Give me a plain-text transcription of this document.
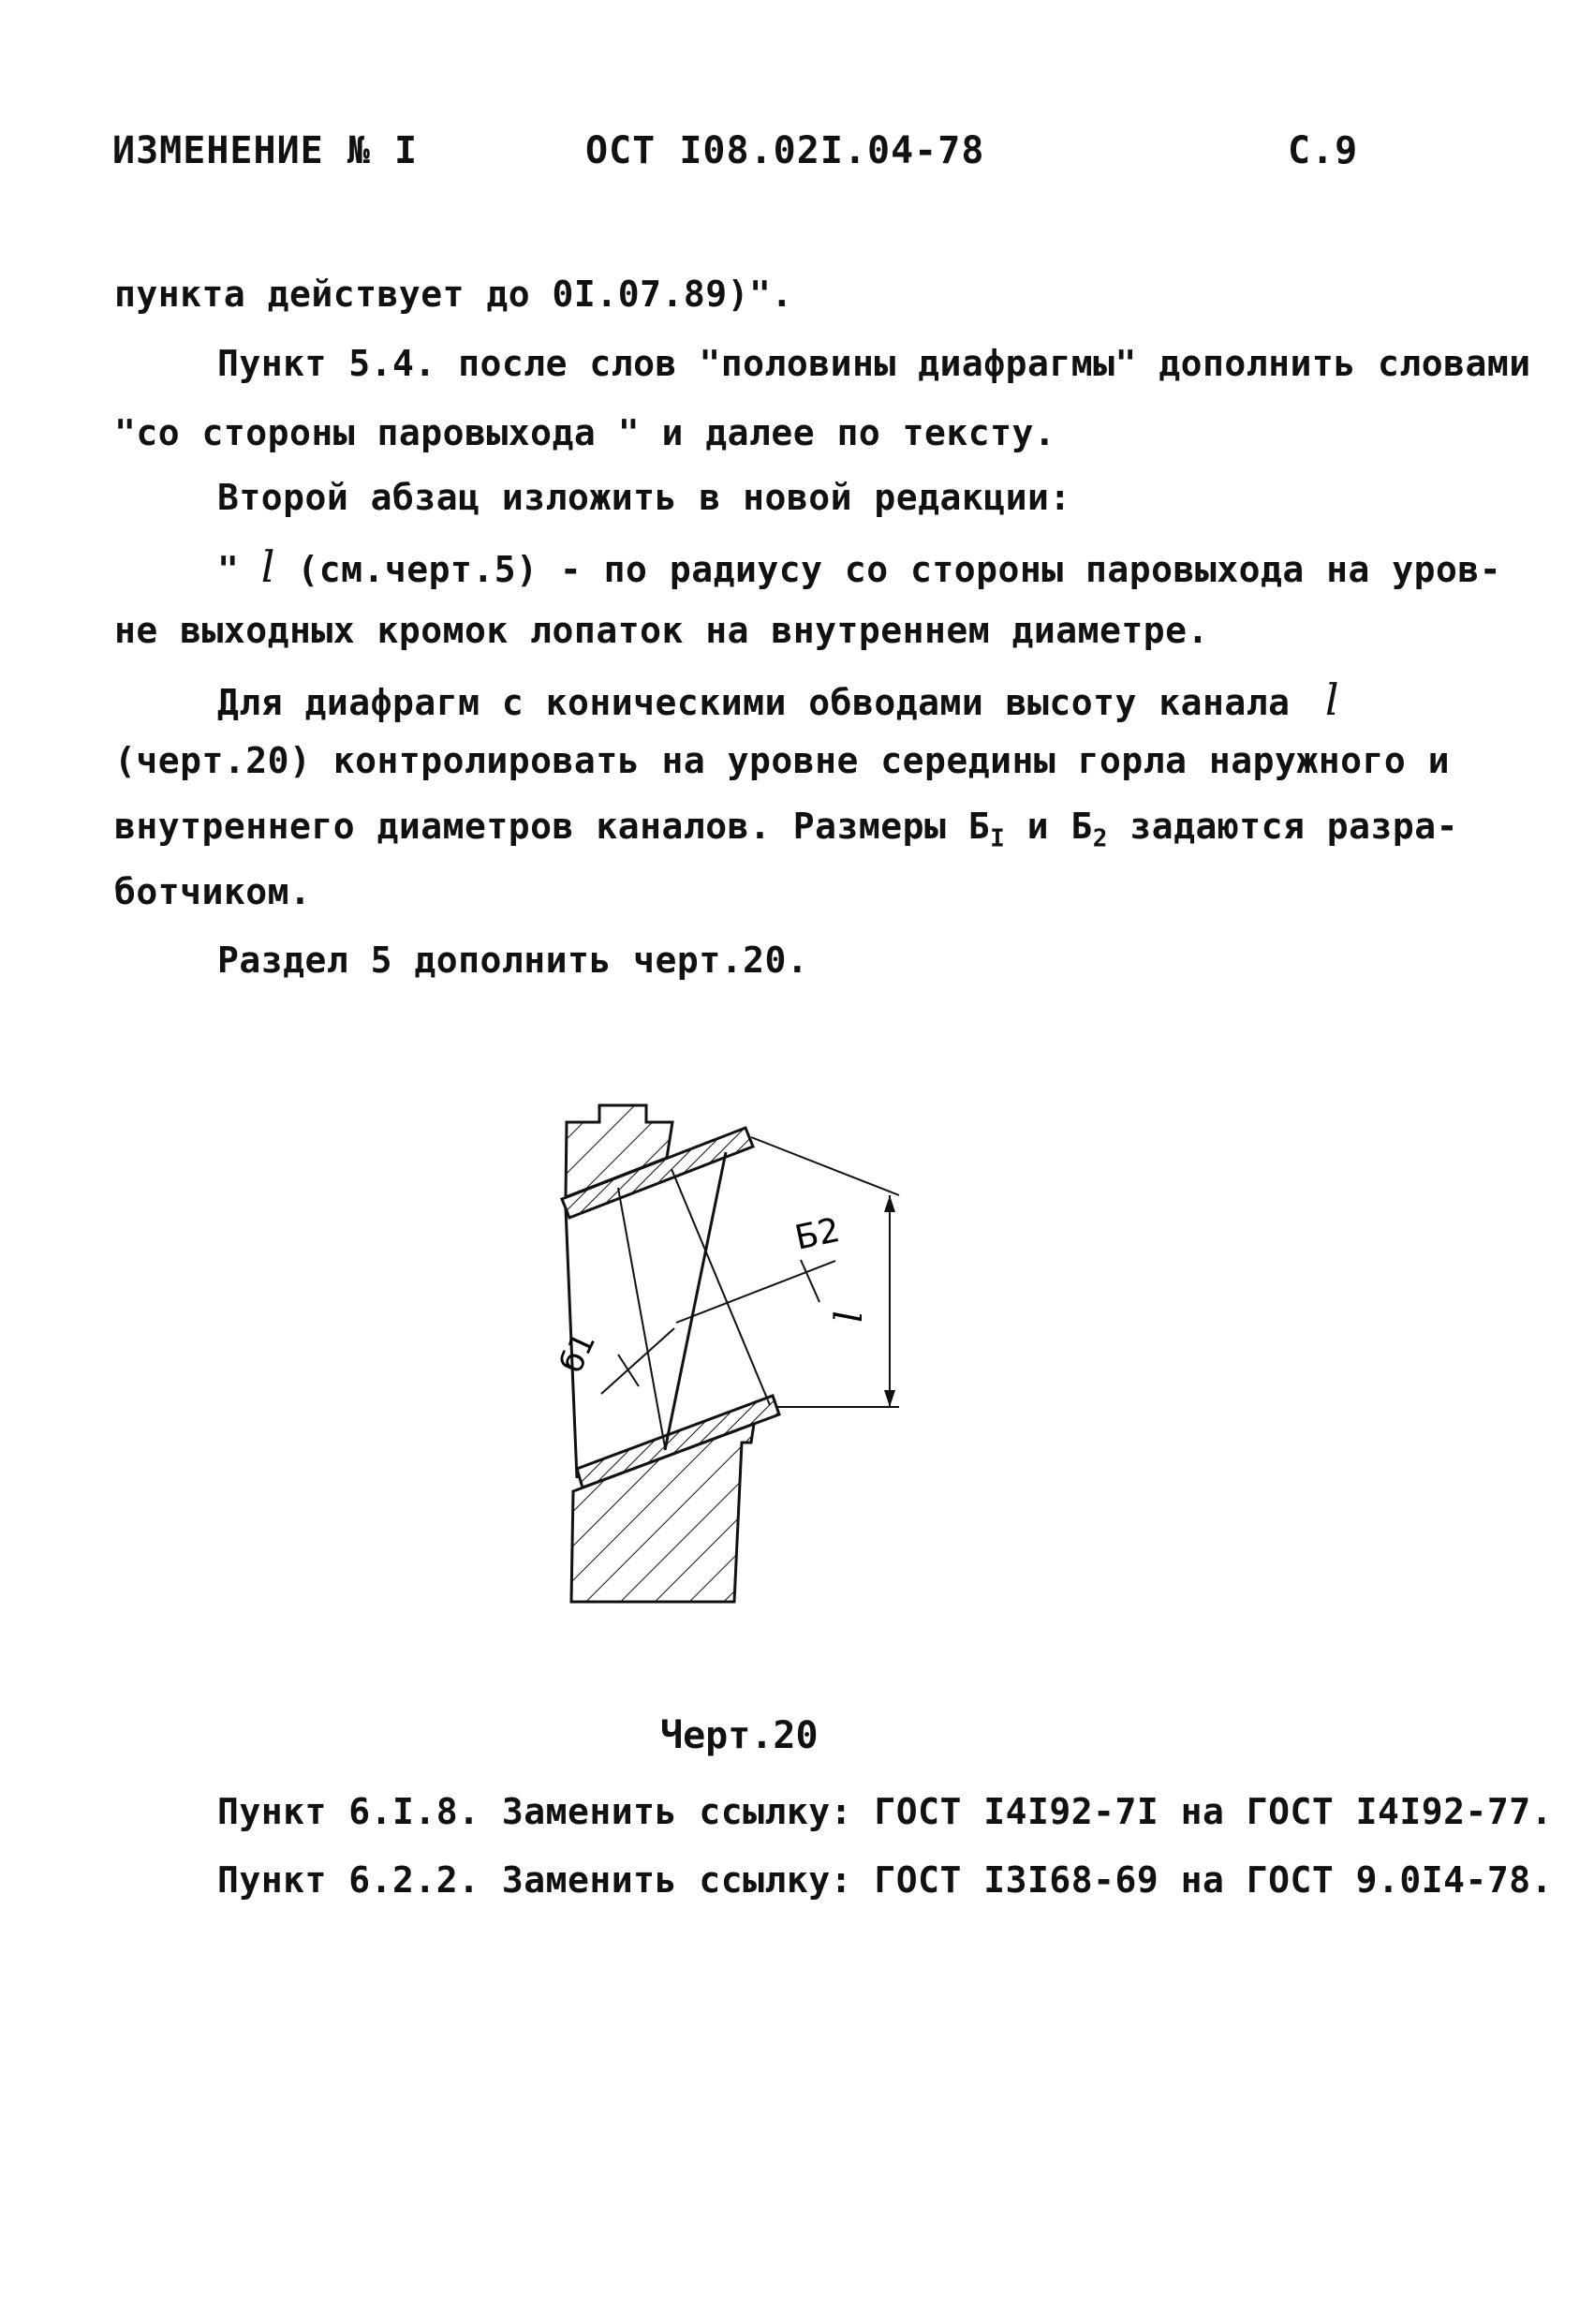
ИЗМЕНЕНИЕ № I	ОСТ I08.02I.04-78	С.9
пункта действует до 0I.07.89)".
Пункт 5.4. после слов "половины диафрагмы" дополнить словами
"со стороны паровыхода " и далее по тексту.
Второй абзац изложить в новой редакции:
" l (см.черт.5) - по радиусу со стороны паровыхода на уров-
не выходных кромок лопаток на внутреннем диаметре.
Для диафрагм с коническими обводами высоту канала l
(черт.20) контролировать на уровне середины горла наружного и
внутреннего диаметров каналов. Размеры $Б_I$ и $Б_2$ задаются разра-
ботчиком.
Раздел 5 дополнить черт.20.
l
Б2
б1
Черт.20
Пункт 6.I.8. Заменить ссылку: ГОСТ I4I92-7I на ГОСТ I4I92-77.
Пункт 6.2.2. Заменить ссылку: ГОСТ I3I68-69 на ГОСТ 9.0I4-78.
